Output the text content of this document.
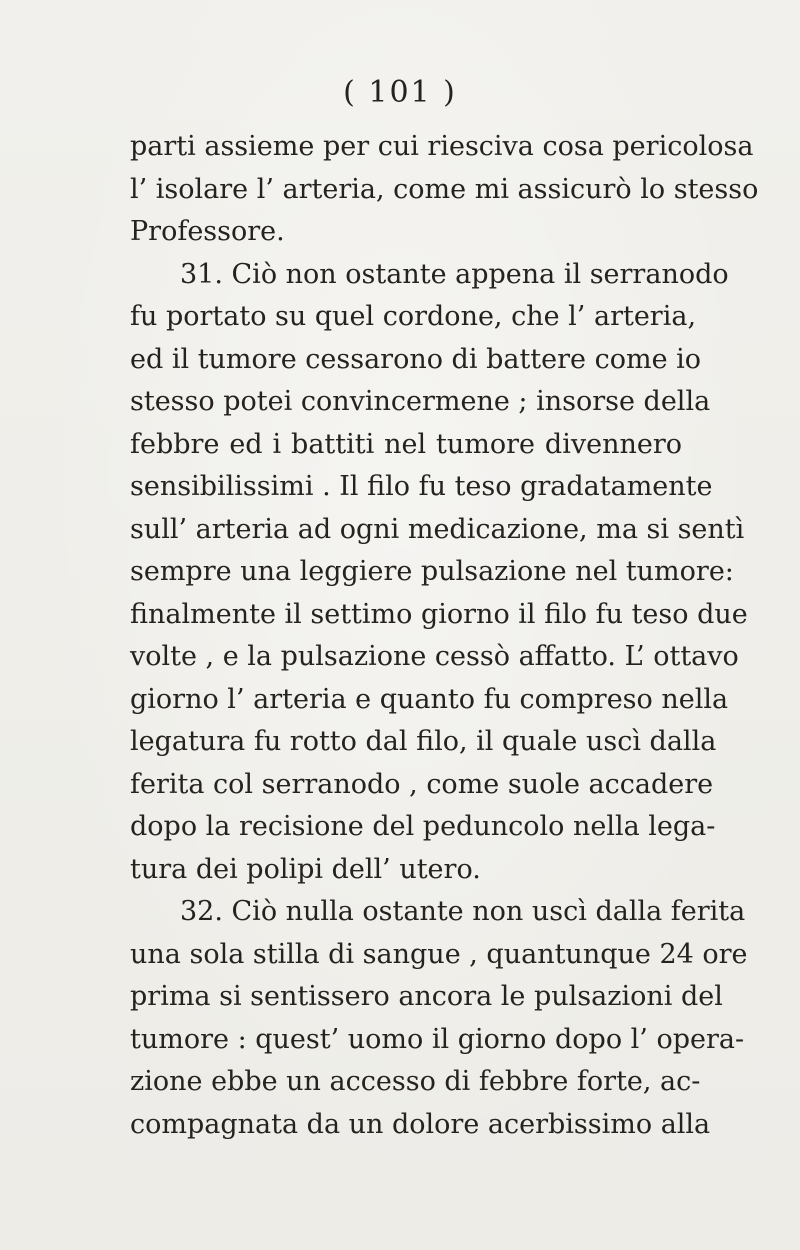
( 101 )
parti assieme per cui riesciva cosa pericolosa
l’ isolare l’ arteria, come mi assicurò lo stesso
Professore.
31. Ciò non ostante appena il serranodo
fu portato su quel cordone, che l’ arteria,
ed il tumore cessarono di battere come io
stesso potei convincermene ; insorse della
febbre ed i battiti nel tumore divennero
sensibilissimi . Il filo fu teso gradatamente
sull’ arteria ad ogni medicazione, ma si sentì
sempre una leggiere pulsazione nel tumore:
finalmente il settimo giorno il filo fu teso due
volte , e la pulsazione cessò affatto. L’ ottavo
giorno l’ arteria e quanto fu compreso nella
legatura fu rotto dal filo, il quale uscì dalla
ferita col serranodo , come suole accadere
dopo la recisione del peduncolo nella lega-
tura dei polipi dell’ utero.
32. Ciò nulla ostante non uscì dalla ferita
una sola stilla di sangue , quantunque 24 ore
prima si sentissero ancora le pulsazioni del
tumore : quest’ uomo il giorno dopo l’ opera-
zione ebbe un accesso di febbre forte, ac-
compagnata da un dolore acerbissimo alla
